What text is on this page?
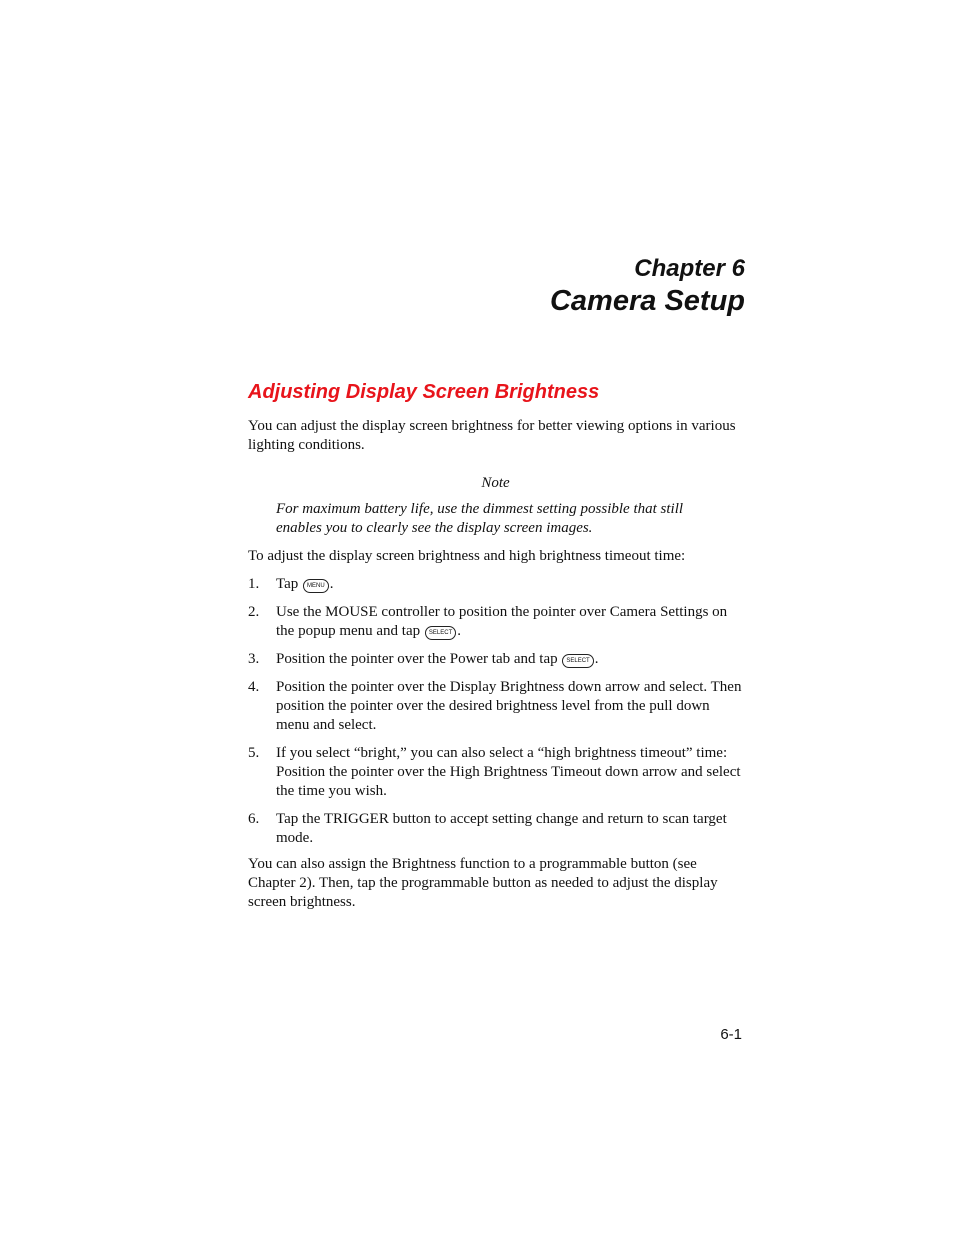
Chapter 6
Camera Setup
Adjusting Display Screen Brightness

You can adjust the display screen brightness for better viewing options in various lighting conditions.

Note

For maximum battery life, use the dimmest setting possible that still enables you to clearly see the display screen images.

To adjust the display screen brightness and high brightness timeout time:

1. Tap MENU .
2. Use the MOUSE controller to position the pointer over Camera Settings on the popup menu and tap SELECT .
3. Position the pointer over the Power tab and tap SELECT .
4. Position the pointer over the Display Brightness down arrow and select. Then position the pointer over the desired brightness level from the pull down menu and select.
5. If you select “bright,” you can also select a “high brightness timeout” time: Position the pointer over the High Brightness Timeout down arrow and select the time you wish.
6. Tap the TRIGGER button to accept setting change and return to scan target mode.

You can also assign the Brightness function to a programmable button (see Chapter 2). Then, tap the programmable button as needed to adjust the display screen brightness.

6-1
